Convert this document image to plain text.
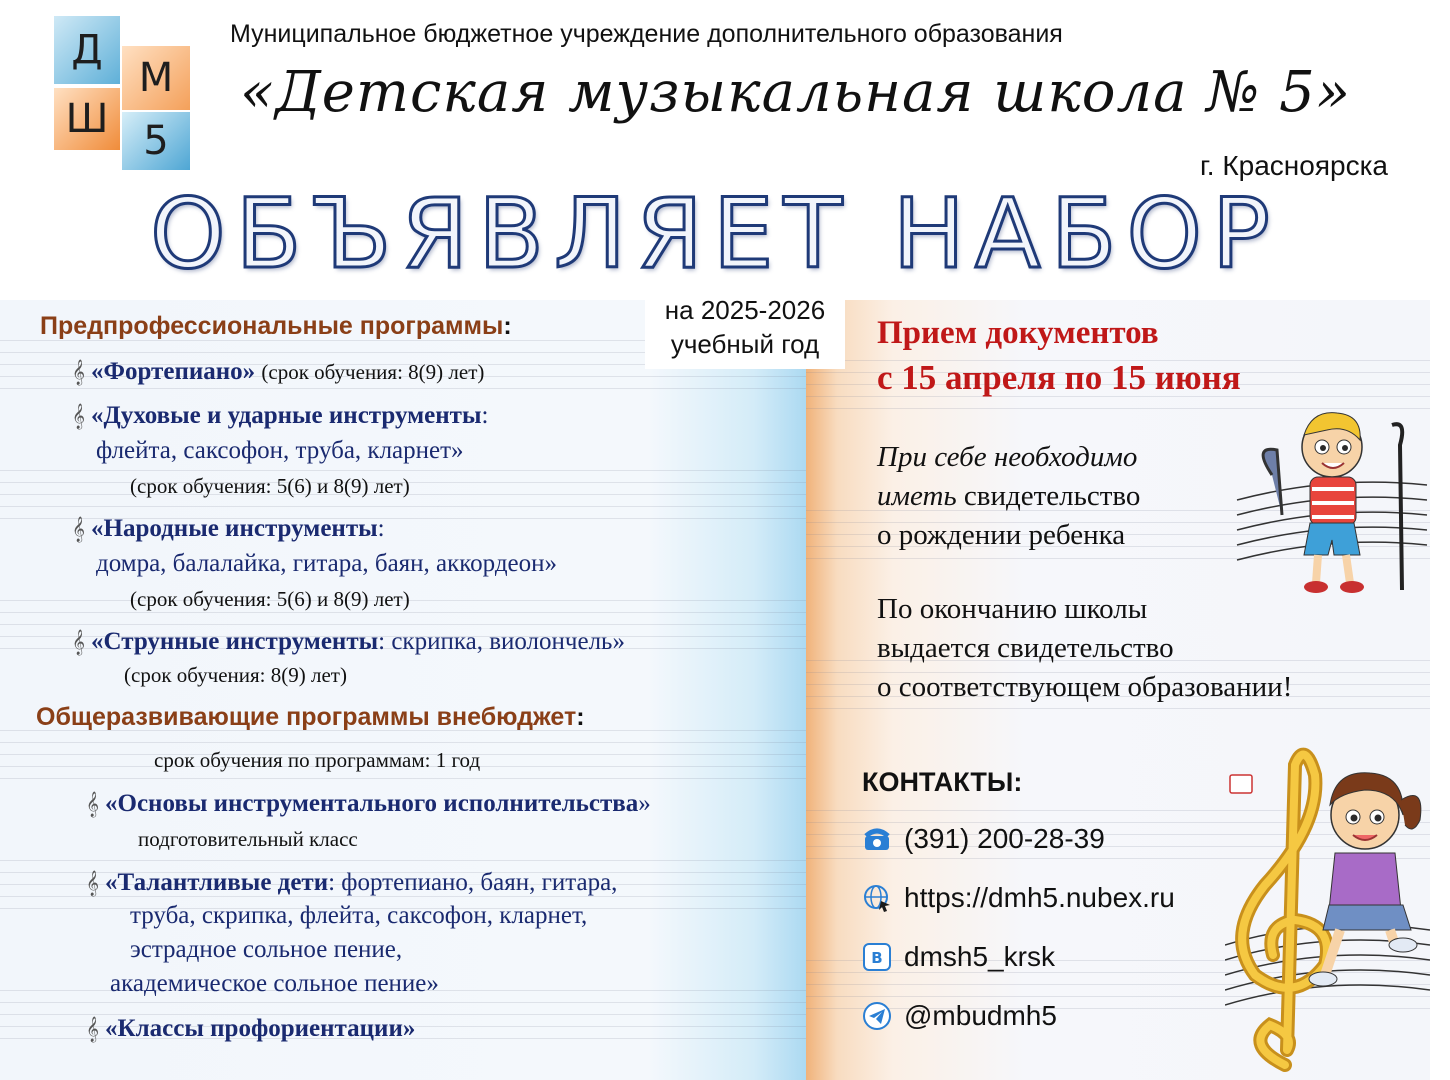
Д
М
Ш 5
Муниципальное бюджетное учреждение дополнительного образования
«Детская музыкальная школа № 5»
г. Красноярска
ОБЪЯВЛЯЕТ НАБОР
на 2025-2026
учебный год
Предпрофессиональные программы:
𝄞 «Фортепиано» (срок обучения: 8(9) лет)
𝄞 «Духовые и ударные инструменты:
флейта, саксофон, труба, кларнет»
(срок обучения: 5(6) и 8(9) лет)
𝄞 «Народные инструменты:
домра, балалайка, гитара, баян, аккордеон»
(срок обучения: 5(6) и 8(9) лет)
𝄞 «Струнные инструменты: скрипка, виолончель»
(срок обучения: 8(9) лет)
Общеразвивающие программы внебюджет:
срок обучения по программам: 1 год
𝄞 «Основы инструментального исполнительства»
подготовительный класс
𝄞 «Талантливые дети: фортепиано, баян, гитара,
труба, скрипка, флейта, саксофон, кларнет,
эстрадное сольное пение,
академическое сольное пение»
𝄞 «Классы профориентации»
Прием документов
с 15 апреля по 15 июня
При себе необходимо
иметь свидетельство
о рождении ребенка
По окончанию школы
выдается свидетельство
о соответствующем образовании!
КОНТАКТЫ:
(391) 200-28-39
https://dmh5.nubex.ru
B dmsh5_krsk
@mbudmh5
